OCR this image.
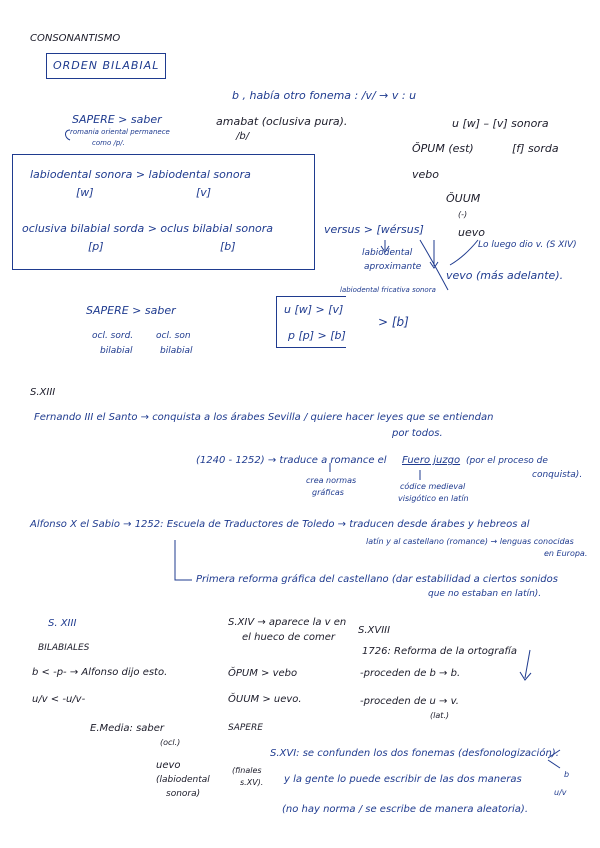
CONSONANTISMO
ORDEN BILABIAL
b , había otro fonema : /v/ → v : u
SAPERE > saber
romania oriental permanece
como /p/.
amabat (oclusiva pura).
/b/
u [w] – [v] sonora
ŎPUM (est)	[f] sorda
vebo
labiodental sonora > labiodental sonora
[w]	[v]
oclusiva bilabial sorda > oclus bilabial sonora
[p]	[b]
versus > [wérsus]
labiodental
aproximante
labiodental fricativa sonora
ŎUUM
(-)
uevo
Lo luego dio v. (S XIV)
vevo (más adelante).
SAPERE > saber
ocl. sord.
bilabial
ocl. son
bilabial
u [w] > [v]
p [p] > [b]
> [b]
S.XIII
Fernando III el Santo → conquista a los árabes Sevilla / quiere hacer leyes que se entiendan
por todos.
(1240 - 1252) → traduce a romance el Fuero juzgo (por el proceso de
conquista).
crea normas
gráficas
códice medieval
visigótico en latín
Alfonso X el Sabio → 1252: Escuela de Traductores de Toledo → traducen desde árabes y hebreos al
latín y al castellano (romance) → lenguas conocidas
en Europa.
Primera reforma gráfica del castellano (dar estabilidad a ciertos sonidos
que no estaban en latín).
S. XIII
BILABIALES
b < -p- → Alfonso dijo esto.
u/v < -u/v-
S.XIV → aparece la v en
el hueco de comer
ŎPUM > vebo
ŎUUM > uevo.
S.XVIII
1726: Reforma de la ortografía
-proceden de b → b.
-proceden de u → v.
(lat.)
E.Media: saber
(ocl.)
SAPERE
uevo
(labiodental
sonora)
(finales
s.XV).
S.XVI: se confunden los dos fonemas (desfonologización).
y la gente lo puede escribir de las dos maneras	b
u/v
(no hay norma / se escribe de manera aleatoria).
